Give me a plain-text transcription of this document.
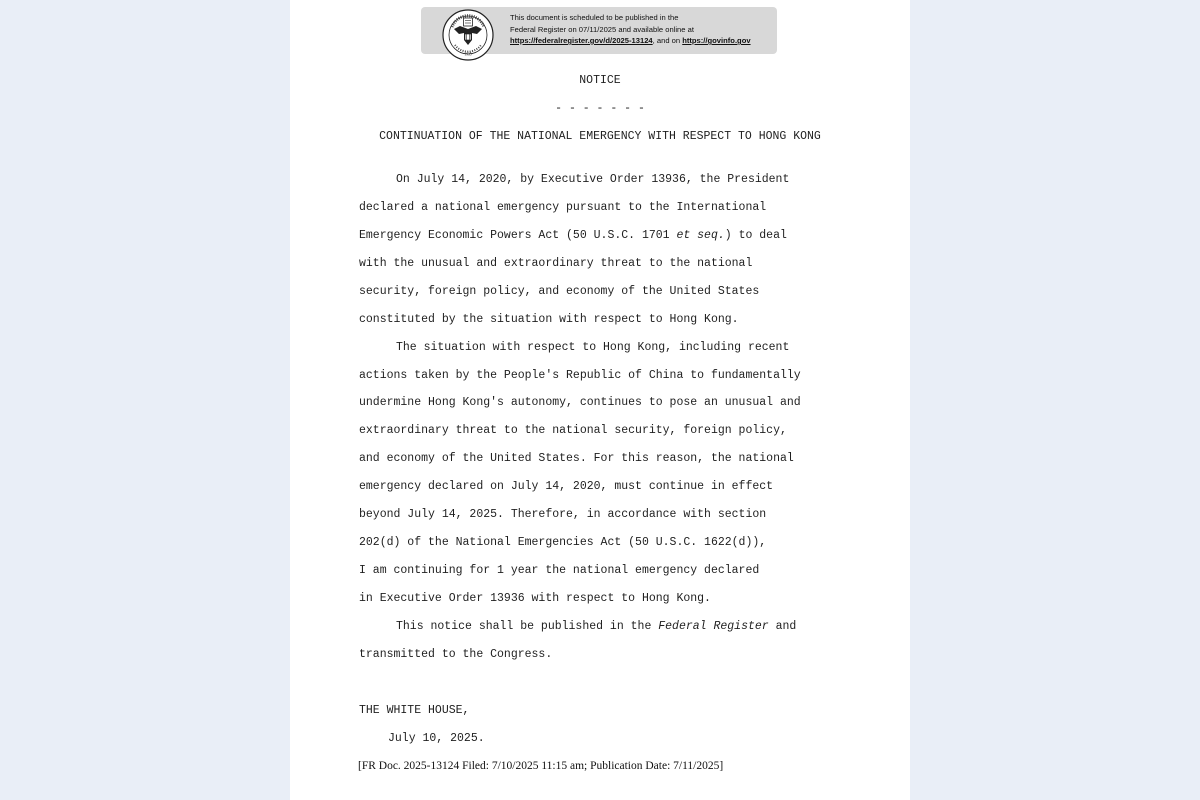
1935
This document is scheduled to be published in the
Federal Register on 07/11/2025 and available online at
https://federalregister.gov/d/2025-13124, and on https://govinfo.gov
NOTICE
- - - - - - -
CONTINUATION OF THE NATIONAL EMERGENCY WITH RESPECT TO HONG KONG
On July 14, 2020, by Executive Order 13936, the President
declared a national emergency pursuant to the International
Emergency Economic Powers Act (50 U.S.C. 1701 et seq.) to deal
with the unusual and extraordinary threat to the national
security, foreign policy, and economy of the United States
constituted by the situation with respect to Hong Kong.
The situation with respect to Hong Kong, including recent
actions taken by the People's Republic of China to fundamentally
undermine Hong Kong's autonomy, continues to pose an unusual and
extraordinary threat to the national security, foreign policy,
and economy of the United States. For this reason, the national
emergency declared on July 14, 2020, must continue in effect
beyond July 14, 2025. Therefore, in accordance with section
202(d) of the National Emergencies Act (50 U.S.C. 1622(d)),
I am continuing for 1 year the national emergency declared
in Executive Order 13936 with respect to Hong Kong.
This notice shall be published in the Federal Register and
transmitted to the Congress.
THE WHITE HOUSE,
July 10, 2025.
[FR Doc. 2025-13124 Filed: 7/10/2025 11:15 am; Publication Date: 7/11/2025]
